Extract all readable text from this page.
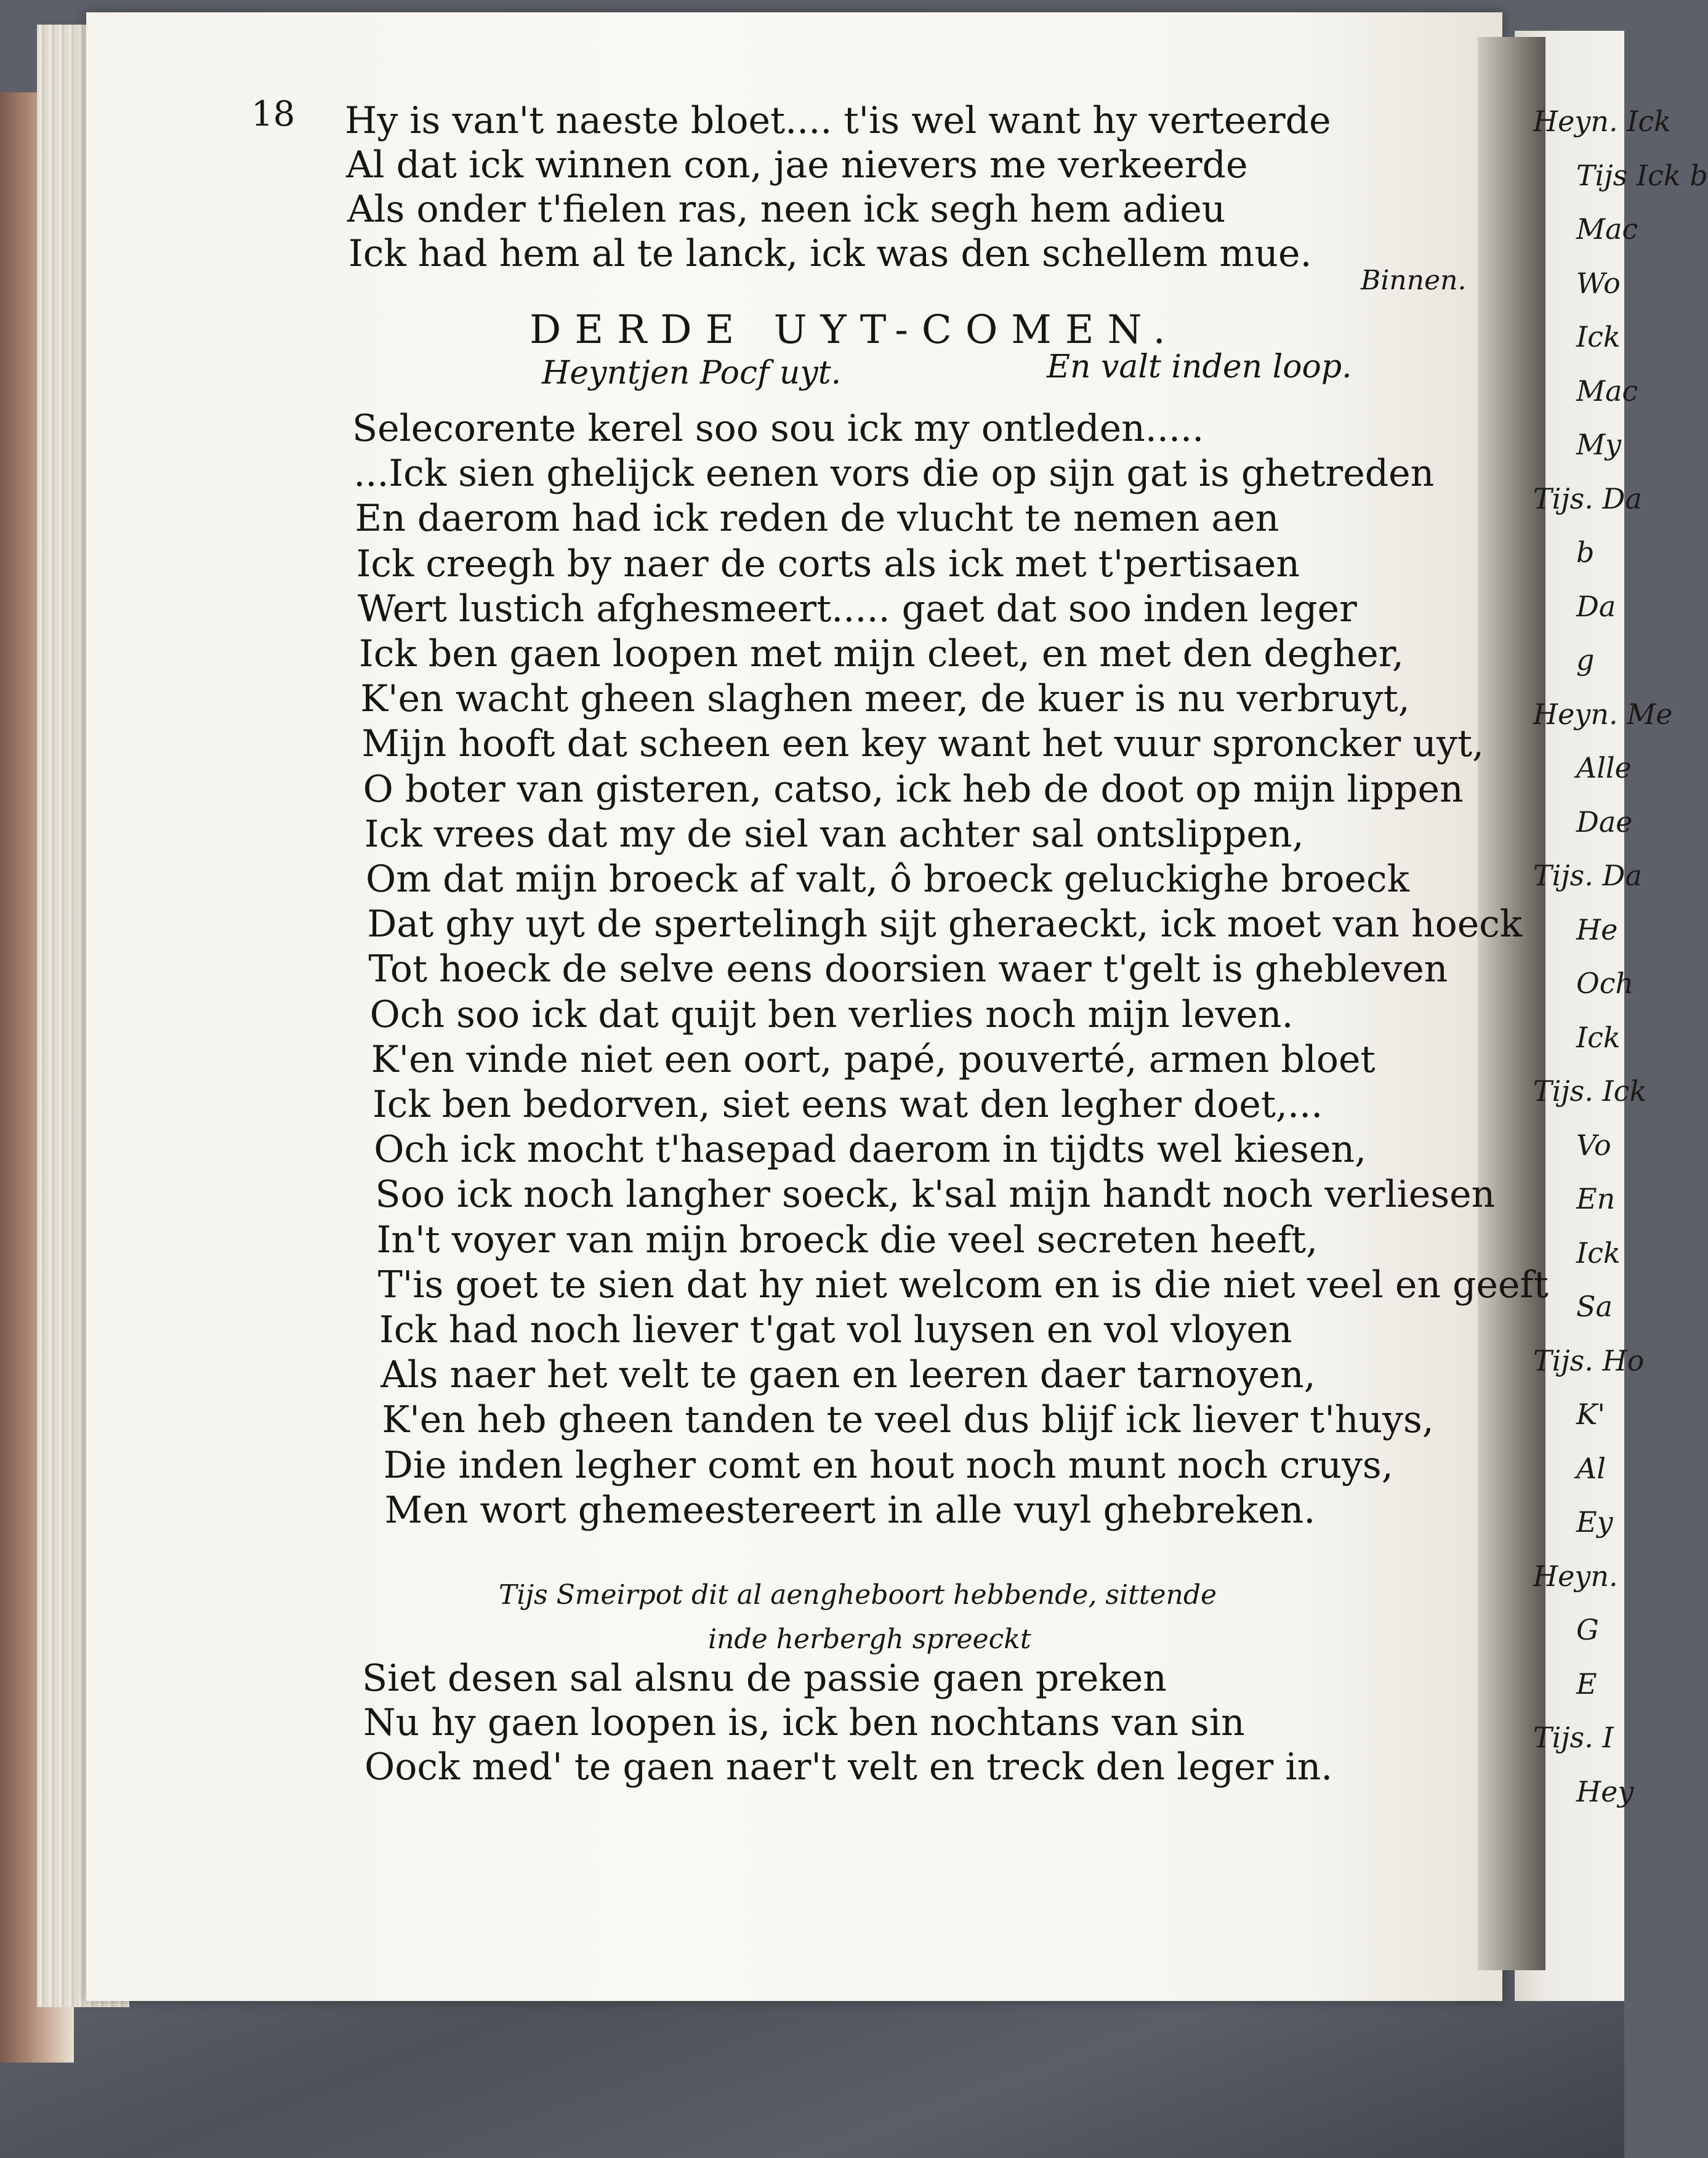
18 Hy is van't naeste bloet.... t'is wel want hy verteerde
Al dat ick winnen con, jae nievers me verkeerde
Als onder t'fielen ras, neen ick segh hem adieu
Ick had hem al te lanck, ick was den schellem mue.
Binnen.
DERDE UYT-COMEN.
Heyntjen Pocf uyt.	En valt inden loop.
Selecorente kerel soo sou ick my ontleden.....
...Ick sien ghelijck eenen vors die op sijn gat is ghetreden
En daerom had ick reden de vlucht te nemen aen
Ick creegh by naer de corts als ick met t'pertisaen
Wert lustich afghesmeert..... gaet dat soo inden leger
Ick ben gaen loopen met mijn cleet, en met den degher,
K'en wacht gheen slaghen meer, de kuer is nu verbruyt,
Mijn hooft dat scheen een key want het vuur sproncker uyt,
O boter van gisteren, catso, ick heb de doot op mijn lippen
Ick vrees dat my de siel van achter sal ontslippen,
Om dat mijn broeck af valt, ô broeck geluckighe broeck
Dat ghy uyt de spertelingh sijt gheraeckt, ick moet van hoeck
Tot hoeck de selve eens doorsien waer t'gelt is ghebleven
Och soo ick dat quijt ben verlies noch mijn leven.
K'en vinde niet een oort, papé, pouverté, armen bloet
Ick ben bedorven, siet eens wat den legher doet,...
Och ick mocht t'hasepad daerom in tijdts wel kiesen,
Soo ick noch langher soeck, k'sal mijn handt noch verliesen
In't voyer van mijn broeck die veel secreten heeft,
T'is goet te sien dat hy niet welcom en is die niet veel en geeft
Ick had noch liever t'gat vol luysen en vol vloyen
Als naer het velt te gaen en leeren daer tarnoyen,
K'en heb gheen tanden te veel dus blijf ick liever t'huys,
Die inden legher comt en hout noch munt noch cruys,
Men wort ghemeestereert in alle vuyl ghebreken.
Tijs Smeirpot dit al aengheboort hebbende, sittende
inde herbergh spreeckt
Siet desen sal alsnu de passie gaen preken
Nu hy gaen loopen is, ick ben nochtans van sin
Oock med' te gaen naer't velt en treck den leger in.
Heyn. Ick
Tijs Ick b
Mac
Wo
Ick
Mac
My
Tijs. Da
b
Da
g
Heyn. Me
Alle
Dae
Tijs. Da
He
Och
Ick
Tijs. Ick
Vo
En
Ick
Sa
Tijs. Ho
K'
Al
Ey
Heyn.
G
E
Tijs. I
Hey
